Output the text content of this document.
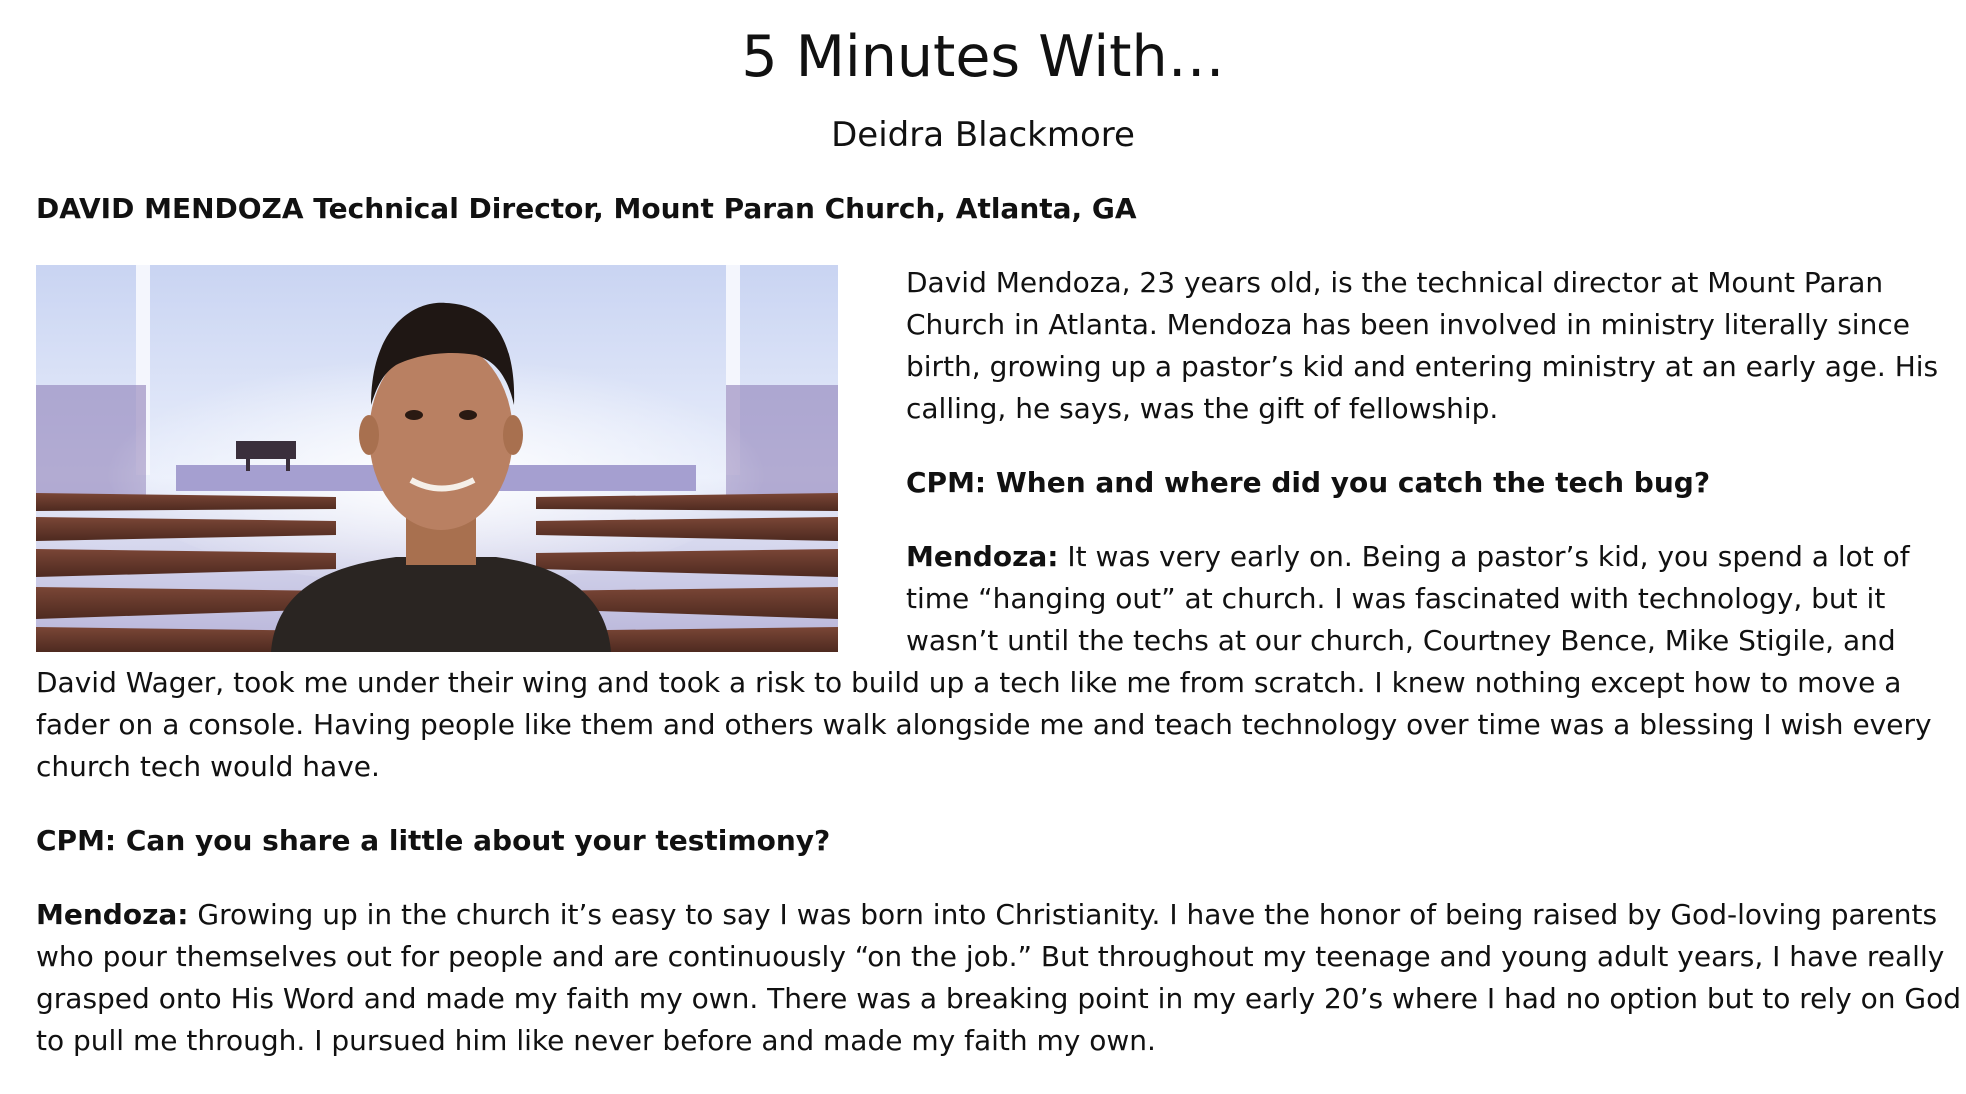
5 Minutes With…
Deidra Blackmore
DAVID MENDOZA Technical Director, Mount Paran Church, Atlanta, GA

David Mendoza, 23 years old, is the technical director at Mount Paran Church in Atlanta. Mendoza has been involved in ministry literally since birth, growing up a pastor’s kid and entering ministry at an early age. His calling, he says, was the gift of fellowship.

CPM: When and where did you catch the tech bug?

Mendoza: It was very early on. Being a pastor’s kid, you spend a lot of time “hanging out” at church. I was fascinated with technology, but it wasn’t until the techs at our church, Courtney Bence, Mike Stigile, and David Wager, took me under their wing and took a risk to build up a tech like me from scratch. I knew nothing except how to move a fader on a console. Having people like them and others walk alongside me and teach technology over time was a blessing I wish every church tech would have.

CPM: Can you share a little about your testimony?

Mendoza: Growing up in the church it’s easy to say I was born into Christianity. I have the honor of being raised by God-loving parents who pour themselves out for people and are continuously “on the job.” But throughout my teenage and young adult years, I have really grasped onto His Word and made my faith my own. There was a breaking point in my early 20’s where I had no option but to rely on God to pull me through. I pursued him like never before and made my faith my own.
